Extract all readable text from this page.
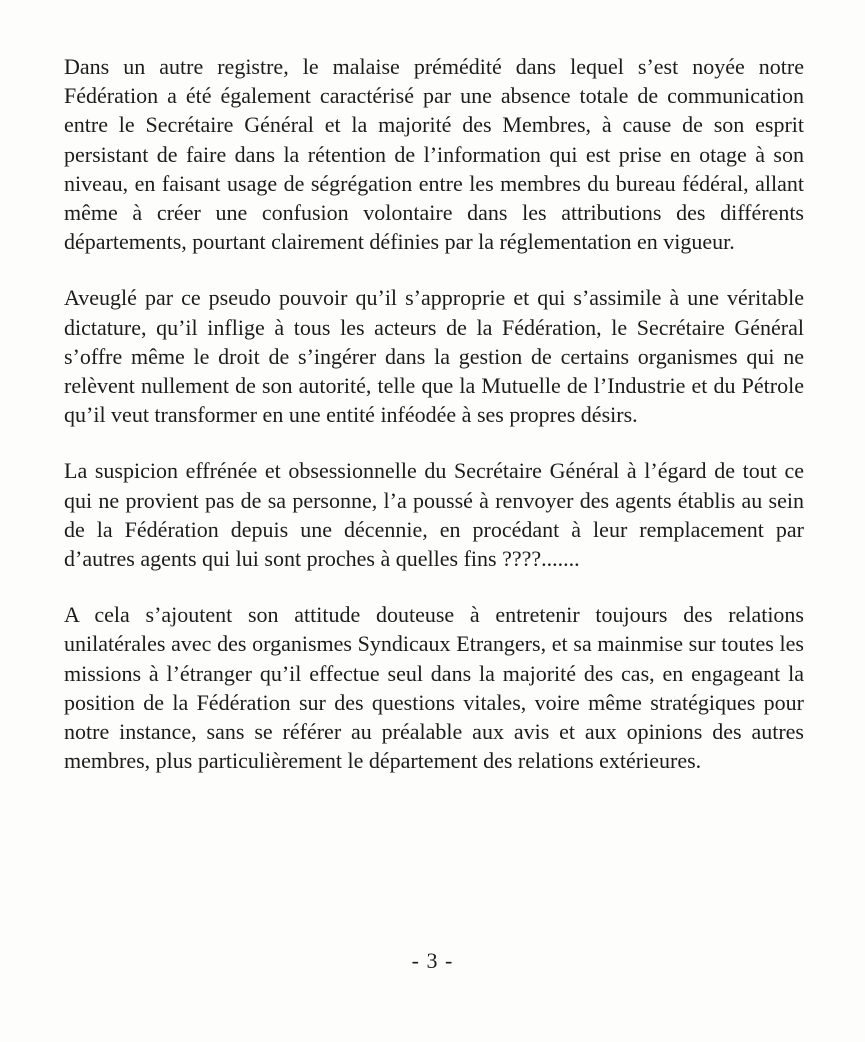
Dans un autre registre, le malaise prémédité dans lequel s’est noyée notre Fédération a été également caractérisé par une absence totale de communication entre le Secrétaire Général et la majorité des Membres, à cause de son esprit persistant de faire dans la rétention de l’information qui est prise en otage à son niveau, en faisant usage de ségrégation entre les membres du bureau fédéral, allant même à créer une confusion volontaire dans les attributions des différents départements, pourtant clairement définies par la réglementation en vigueur.

Aveuglé par ce pseudo pouvoir qu’il s’approprie et qui s’assimile à une véritable dictature, qu’il inflige à tous les acteurs de la Fédération, le Secrétaire Général s’offre même le droit de s’ingérer dans la gestion de certains organismes qui ne relèvent nullement de son autorité, telle que la Mutuelle de l’Industrie et du Pétrole qu’il veut transformer en une entité inféodée à ses propres désirs.

La suspicion effrénée et obsessionnelle du Secrétaire Général à l’égard de tout ce qui ne provient pas de sa personne, l’a poussé à renvoyer des agents établis au sein de la Fédération depuis une décennie, en procédant à leur remplacement par d’autres agents qui lui sont proches à quelles fins ????.......

A cela s’ajoutent son attitude douteuse à entretenir toujours des relations unilatérales avec des organismes Syndicaux Etrangers, et sa mainmise sur toutes les missions à l’étranger qu’il effectue seul dans la majorité des cas, en engageant la position de la Fédération sur des questions vitales, voire même stratégiques pour notre instance, sans se référer au préalable aux avis et aux opinions des autres membres, plus particulièrement le département des relations extérieures.

- 3 -
